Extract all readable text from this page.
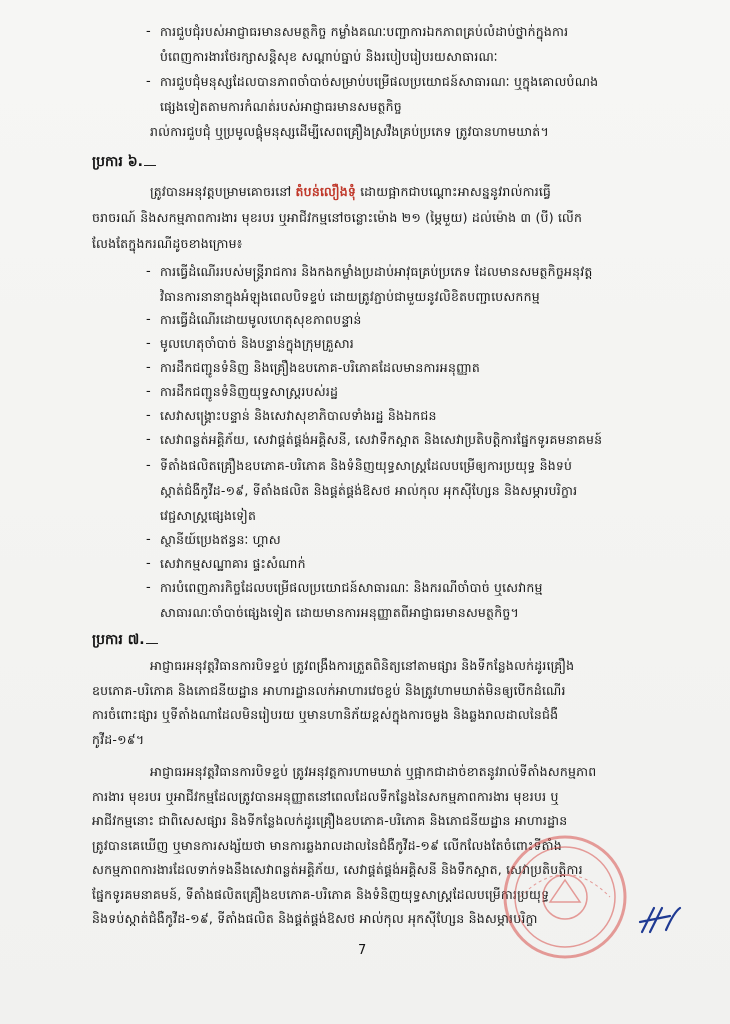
- ការជួបជុំរបស់អាជ្ញាធរមានសមត្ថកិច្ច កម្លាំងគណៈបញ្ជាការឯកភាពគ្រប់លំដាប់ថ្នាក់ក្នុងការ
បំពេញការងារថែរក្សាសន្តិសុខ សណ្តាប់ធ្នាប់ និងរបៀបរៀបរយសាធារណៈ
- ការជួបជុំមនុស្សដែលបានភាពចាំបាច់សម្រាប់បម្រើផលប្រយោជន៍សាធារណៈ ឬក្នុងគោលបំណង
ផ្សេងទៀតតាមការកំណត់របស់អាជ្ញាធរមានសមត្ថកិច្ច
រាល់ការជួបជុំ ឬប្រមូលផ្តុំមនុស្សដើម្បីសេពគ្រឿងស្រវឹងគ្រប់ប្រភេទ ត្រូវបានហាមឃាត់។
ប្រការ ៦.
ត្រូវបានអនុវត្តបម្រាមគោចរនៅ តំបន់លឿងទុំ ដោយផ្អាកជាបណ្តោះអាសន្ននូវរាល់ការធ្វើ
ចរាចរណ៍ និងសកម្មភាពការងារ មុខរបរ ឬអាជីវកម្មនៅចន្លោះម៉ោង ២១ (ម្ភៃមួយ) ដល់ម៉ោង ៣ (បី) លើក
លែងតែក្នុងករណីដូចខាងក្រោម៖
- ការធ្វើដំណើររបស់មន្ត្រីរាជការ និងកងកម្លាំងប្រដាប់អាវុធគ្រប់ប្រភេទ ដែលមានសមត្ថកិច្ចអនុវត្ត
វិធានការនានាក្នុងអំឡុងពេលបិទខ្ទប់ ដោយត្រូវភ្ជាប់ជាមួយនូវលិខិតបញ្ជាបេសកកម្ម
- ការធ្វើដំណើរដោយមូលហេតុសុខភាពបន្ទាន់
- មូលហេតុចាំបាច់ និងបន្ទាន់ក្នុងក្រុមគ្រួសារ
- ការដឹកជញ្ជូនទំនិញ និងគ្រឿងឧបភោគ-បរិភោគដែលមានការអនុញ្ញាត
- ការដឹកជញ្ជូនទំនិញយុទ្ធសាស្រ្តរបស់រដ្ឋ
- សេវាសង្គ្រោះបន្ទាន់ និងសេវាសុខាភិបាលទាំងរដ្ឋ និងឯកជន
- សេវាពន្លត់អគ្គិភ័យ, សេវាផ្គត់ផ្គង់អគ្គិសនី, សេវាទឹកស្អាត និងសេវាប្រតិបត្តិការផ្នែកទូរគមនាគមន៍
- ទីតាំងផលិតគ្រឿងឧបភោគ-បរិភោគ និងទំនិញយុទ្ធសាស្រ្តដែលបម្រើឲ្យការប្រយុទ្ធ និងទប់
ស្កាត់ជំងឺកូវីដ-១៩, ទីតាំងផលិត និងផ្គត់ផ្គង់ឱសថ អាល់កុល អុកស៊ីហ្សែន និងសម្ភារបរិក្ខារ
វេជ្ជសាស្រ្តផ្សេងទៀត
- ស្ថានីយ៍ប្រេងឥន្ធនៈ ហ្គាស
- សេវាកម្មសណ្ឋាគារ ផ្ទះសំណាក់
- ការបំពេញភារកិច្ចដែលបម្រើផលប្រយោជន៍សាធារណៈ និងករណីចាំបាច់ ឬសេវាកម្ម
សាធារណៈចាំបាច់ផ្សេងទៀត ដោយមានការអនុញ្ញាតពីអាជ្ញាធរមានសមត្ថកិច្ច។
ប្រការ ៧.
អាជ្ញាធរអនុវត្តវិធានការបិទខ្ទប់ ត្រូវពង្រឹងការត្រួតពិនិត្យនៅតាមផ្សារ និងទីកន្លែងលក់ដូរគ្រឿង
ឧបភោគ-បរិភោគ និងភោជនីយដ្ឋាន អាហារដ្ឋានលក់អាហារវេចខ្ចប់ និងត្រូវហាមឃាត់មិនឲ្យបើកដំណើរ
ការចំពោះផ្សារ ឬទីតាំងណាដែលមិនរៀបរយ ឬមានហានិភ័យខ្ពស់ក្នុងការចម្លង និងឆ្លងរាលដាលនៃជំងឺ
កូវីដ-១៩។
អាជ្ញាធរអនុវត្តវិធានការបិទខ្ទប់ ត្រូវអនុវត្តការហាមឃាត់ ឬផ្អាកជាដាច់ខាតនូវរាល់ទីតាំងសកម្មភាព
ការងារ មុខរបរ ឬអាជីវកម្មដែលត្រូវបានអនុញ្ញាតនៅពេលដែលទីកន្លែងនៃសកម្មភាពការងារ មុខរបរ ឬ
អាជីវកម្មនោះ ជាពិសេសផ្សារ និងទីកន្លែងលក់ដូរគ្រឿងឧបភោគ-បរិភោគ និងភោជនីយដ្ឋាន អាហារដ្ឋាន
ត្រូវបានគេឃើញ ឬមានការសង្ស័យថា មានការឆ្លងរាលដាលនៃជំងឺកូវីដ-១៩ លើកលែងតែចំពោះទីតាំង
សកម្មភាពការងារដែលទាក់ទងនឹងសេវាពន្លត់អគ្គិភ័យ, សេវាផ្គត់ផ្គង់អគ្គិសនី និងទឹកស្អាត, សេវាប្រតិបត្តិការ
ផ្នែកទូរគមនាគមន៍, ទីតាំងផលិតគ្រឿងឧបភោគ-បរិភោគ និងទំនិញយុទ្ធសាស្រ្តដែលបម្រើការប្រយុទ្ធ
និងទប់ស្កាត់ជំងឺកូវីដ-១៩, ទីតាំងផលិត និងផ្គត់ផ្គង់ឱសថ អាល់កុល អុកស៊ីហ្សែន និងសម្ភារបរិក្ខា
7
